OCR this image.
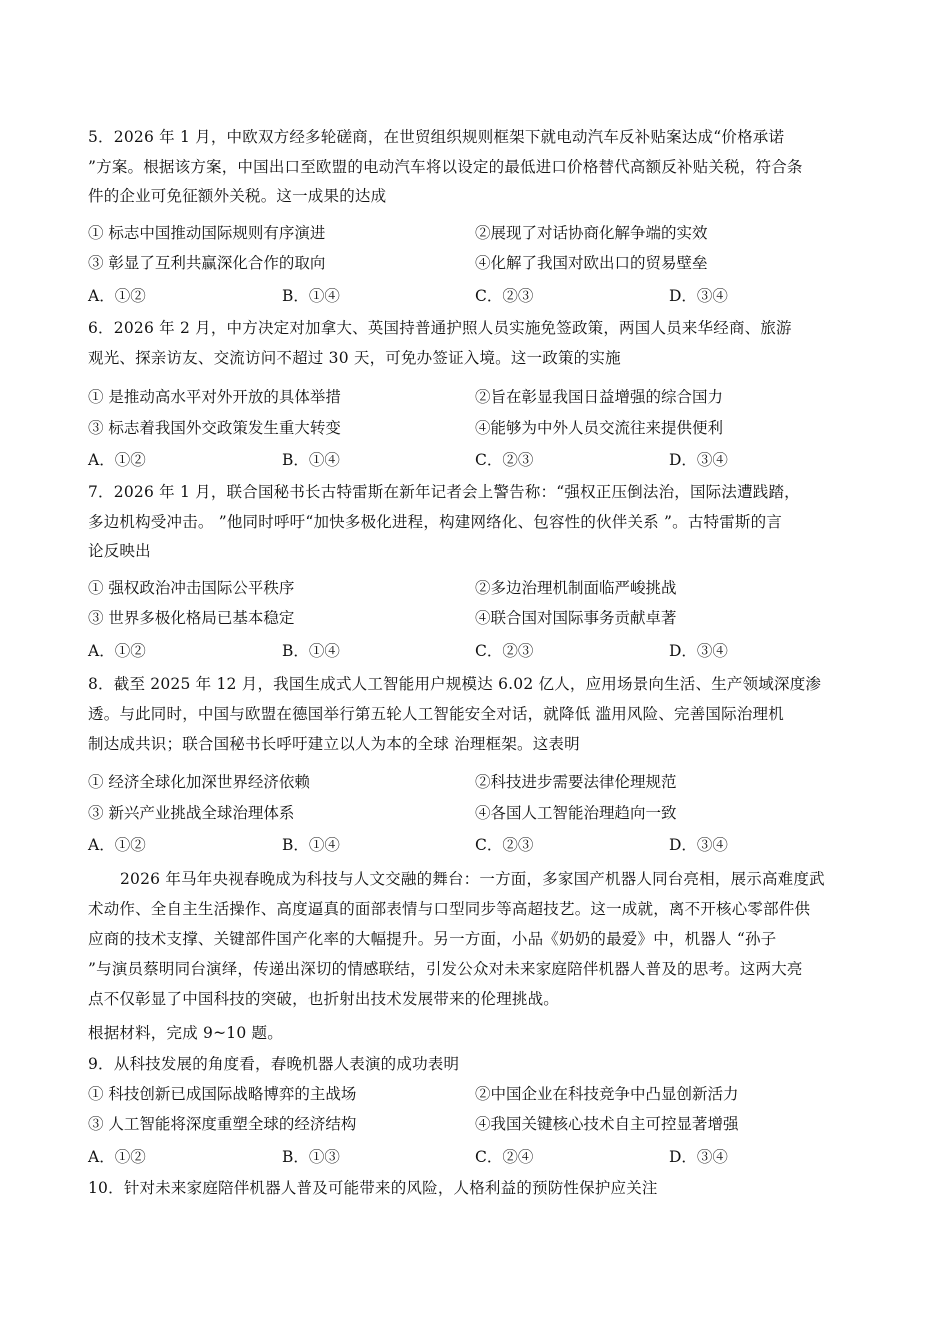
5．2026 年 1 月，中欧双方经多轮磋商，在世贸组织规则框架下就电动汽车反补贴案达成“价格承诺
”方案。根据该方案，中国出口至欧盟的电动汽车将以设定的最低进口价格替代高额反补贴关税，符合条
件的企业可免征额外关税。这一成果的达成
① 标志中国推动国际规则有序演进	②展现了对话协商化解争端的实效
③ 彰显了互利共赢深化合作的取向	④化解了我国对欧出口的贸易壁垒
A．①②	B．①④	C．②③	D．③④
6．2026 年 2 月，中方决定对加拿大、英国持普通护照人员实施免签政策，两国人员来华经商、旅游
观光、探亲访友、交流访问不超过 30 天，可免办签证入境。这一政策的实施
① 是推动高水平对外开放的具体举措	②旨在彰显我国日益增强的综合国力
③ 标志着我国外交政策发生重大转变	④能够为中外人员交流往来提供便利
A．①②	B．①④	C．②③	D．③④
7．2026 年 1 月，联合国秘书长古特雷斯在新年记者会上警告称：“强权正压倒法治，国际法遭践踏，
多边机构受冲击。 ”他同时呼吁“加快多极化进程，构建网络化、包容性的伙伴关系 ”。古特雷斯的言
论反映出
① 强权政治冲击国际公平秩序	②多边治理机制面临严峻挑战
③ 世界多极化格局已基本稳定	④联合国对国际事务贡献卓著
A．①②	B．①④	C．②③	D．③④
8．截至 2025 年 12 月，我国生成式人工智能用户规模达 6.02 亿人，应用场景向生活、生产领域深度渗
透。与此同时，中国与欧盟在德国举行第五轮人工智能安全对话，就降低 滥用风险、完善国际治理机
制达成共识；联合国秘书长呼吁建立以人为本的全球 治理框架。这表明
① 经济全球化加深世界经济依赖	②科技进步需要法律伦理规范
③ 新兴产业挑战全球治理体系	④各国人工智能治理趋向一致
A．①②	B．①④	C．②③	D．③④
2026 年马年央视春晚成为科技与人文交融的舞台：一方面，多家国产机器人同台亮相，展示高难度武
术动作、全自主生活操作、高度逼真的面部表情与口型同步等高超技艺。这一成就，离不开核心零部件供
应商的技术支撑、关键部件国产化率的大幅提升。另一方面，小品《奶奶的最爱》中，机器人 “孙子
”与演员蔡明同台演绎，传递出深切的情感联结，引发公众对未来家庭陪伴机器人普及的思考。这两大亮
点不仅彰显了中国科技的突破，也折射出技术发展带来的伦理挑战。
根据材料，完成 9~10 题。
9．从科技发展的角度看，春晚机器人表演的成功表明
① 科技创新已成国际战略博弈的主战场	②中国企业在科技竞争中凸显创新活力
③ 人工智能将深度重塑全球的经济结构	④我国关键核心技术自主可控显著增强
A．①②	B．①③	C．②④	D．③④
10．针对未来家庭陪伴机器人普及可能带来的风险，人格利益的预防性保护应关注
